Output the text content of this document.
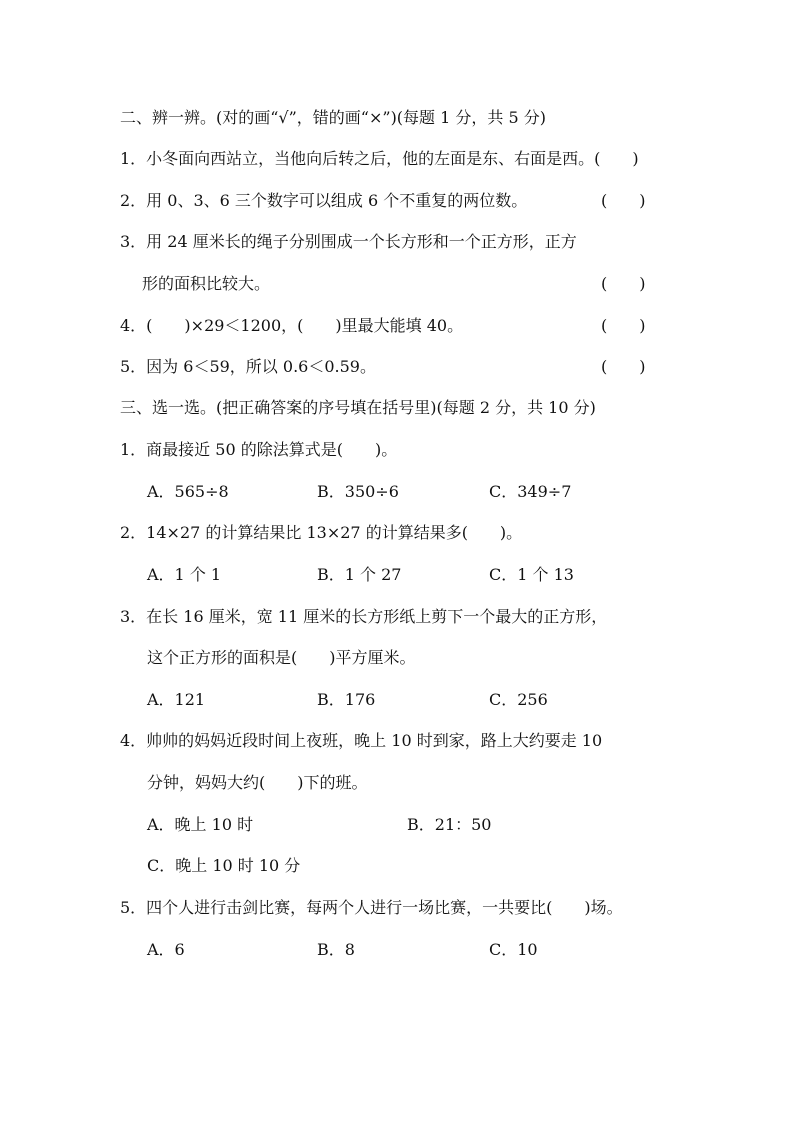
二、辨一辨。(对的画“√”，错的画“×”)(每题 1 分，共 5 分)
1．小冬面向西站立，当他向后转之后，他的左面是东、右面是西。(　　)
2．用 0、3、6 三个数字可以组成 6 个不重复的两位数。	(　　)
3．用 24 厘米长的绳子分别围成一个长方形和一个正方形，正方
形的面积比较大。	(　　)
4．(　　)×29＜1200，(　　)里最大能填 40。	(　　)
5．因为 6＜59，所以 0.6＜0.59。	(　　)
三、选一选。(把正确答案的序号填在括号里)(每题 2 分，共 10 分)
1．商最接近 50 的除法算式是(　　)。
A．565÷8	B．350÷6	C．349÷7
2．14×27 的计算结果比 13×27 的计算结果多(　　)。
A．1 个 1	B．1 个 27	C．1 个 13
3．在长 16 厘米，宽 11 厘米的长方形纸上剪下一个最大的正方形，
这个正方形的面积是(　　)平方厘米。
A．121	B．176	C．256
4．帅帅的妈妈近段时间上夜班，晚上 10 时到家，路上大约要走 10
分钟，妈妈大约(　　)下的班。
A．晚上 10 时	B．21：50
C．晚上 10 时 10 分
5．四个人进行击剑比赛，每两个人进行一场比赛，一共要比(　　)场。
A．6	B．8	C．10
